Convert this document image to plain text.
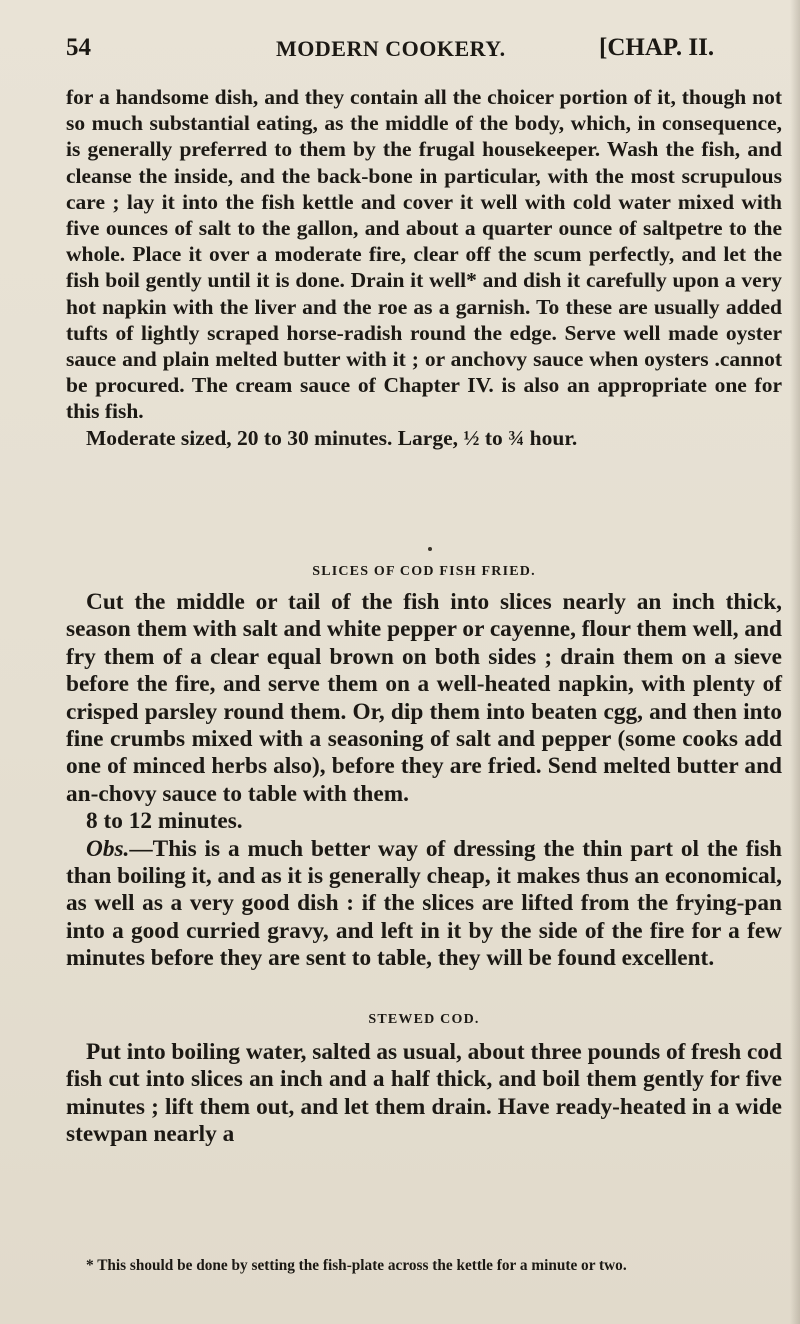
54	MODERN COOKERY.	[CHAP. II.

for a handsome dish, and they contain all the choicer portion of it, though not so much substantial eating, as the middle of the body, which, in consequence, is generally preferred to them by the frugal housekeeper. Wash the fish, and cleanse the inside, and the back-bone in particular, with the most scrupulous care ; lay it into the fish kettle and cover it well with cold water mixed with five ounces of salt to the gallon, and about a quarter ounce of saltpetre to the whole. Place it over a moderate fire, clear off the scum perfectly, and let the fish boil gently until it is done. Drain it well* and dish it carefully upon a very hot napkin with the liver and the roe as a garnish. To these are usually added tufts of lightly scraped horse-radish round the edge. Serve well made oyster sauce and plain melted butter with it ; or anchovy sauce when oysters .cannot be procured. The cream sauce of Chapter IV. is also an appropriate one for this fish.

Moderate sized, 20 to 30 minutes. Large, ½ to ¾ hour.

SLICES OF COD FISH FRIED.

Cut the middle or tail of the fish into slices nearly an inch thick, season them with salt and white pepper or cayenne, flour them well, and fry them of a clear equal brown on both sides ; drain them on a sieve before the fire, and serve them on a well-heated napkin, with plenty of crisped parsley round them. Or, dip them into beaten cgg, and then into fine crumbs mixed with a seasoning of salt and pepper (some cooks add one of minced herbs also), before they are fried. Send melted butter and an-chovy sauce to table with them.

8 to 12 minutes.

Obs.—This is a much better way of dressing the thin part ol the fish than boiling it, and as it is generally cheap, it makes thus an economical, as well as a very good dish : if the slices are lifted from the frying-pan into a good curried gravy, and left in it by the side of the fire for a few minutes before they are sent to table, they will be found excellent.

STEWED COD.

Put into boiling water, salted as usual, about three pounds of fresh cod fish cut into slices an inch and a half thick, and boil them gently for five minutes ; lift them out, and let them drain. Have ready-heated in a wide stewpan nearly a

* This should be done by setting the fish-plate across the kettle for a minute or two.
